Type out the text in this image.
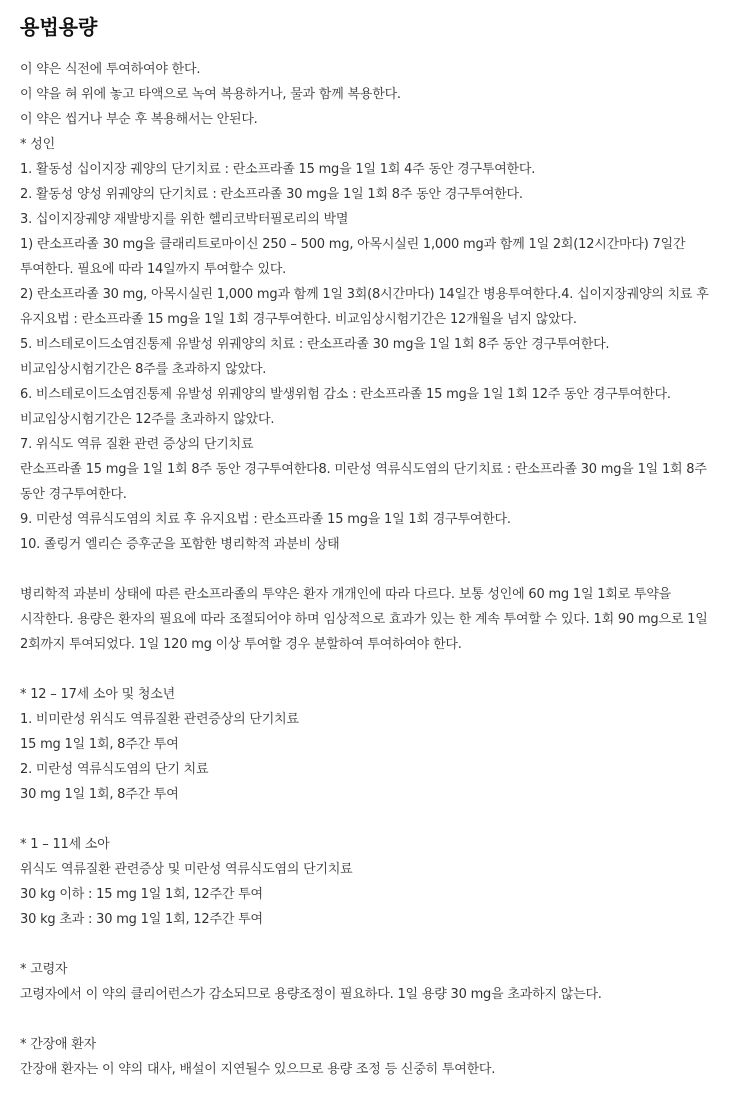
용법용량
이 약은 식전에 투여하여야 한다.
이 약을 혀 위에 놓고 타액으로 녹여 복용하거나, 물과 함께 복용한다.
이 약은 씹거나 부순 후 복용해서는 안된다.
* 성인
1. 활동성 십이지장 궤양의 단기치료 : 란소프라졸 15 mg을 1일 1회 4주 동안 경구투여한다.
2. 활동성 양성 위궤양의 단기치료 : 란소프라졸 30 mg을 1일 1회 8주 동안 경구투여한다.
3. 십이지장궤양 재발방지를 위한 헬리코박터필로리의 박멸
1) 란소프라졸 30 mg을 클래리트로마이신 250 – 500 mg, 아목시실린 1,000 mg과 함께 1일 2회(12시간마다) 7일간 투여한다. 필요에 따라 14일까지 투여할수 있다.
2) 란소프라졸 30 mg, 아목시실린 1,000 mg과 함께 1일 3회(8시간마다) 14일간 병용투여한다.4. 십이지장궤양의 치료 후 유지요법 : 란소프라졸 15 mg을 1일 1회 경구투여한다. 비교임상시험기간은 12개월을 넘지 않았다.
5. 비스테로이드소염진통제 유발성 위궤양의 치료 : 란소프라졸 30 mg을 1일 1회 8주 동안 경구투여한다. 비교임상시험기간은 8주를 초과하지 않았다.
6. 비스테로이드소염진통제 유발성 위궤양의 발생위험 감소 : 란소프라졸 15 mg을 1일 1회 12주 동안 경구투여한다. 비교임상시험기간은 12주를 초과하지 않았다.
7. 위식도 역류 질환 관련 증상의 단기치료
란소프라졸 15 mg을 1일 1회 8주 동안 경구투여한다8. 미란성 역류식도염의 단기치료 : 란소프라졸 30 mg을 1일 1회 8주 동안 경구투여한다.
9. 미란성 역류식도염의 치료 후 유지요법 : 란소프라졸 15 mg을 1일 1회 경구투여한다.
10. 졸링거 엘리슨 증후군을 포함한 병리학적 과분비 상태
병리학적 과분비 상태에 따른 란소프라졸의 투약은 환자 개개인에 따라 다르다. 보통 성인에 60 mg 1일 1회로 투약을 시작한다. 용량은 환자의 필요에 따라 조절되어야 하며 임상적으로 효과가 있는 한 계속 투여할 수 있다. 1회 90 mg으로 1일 2회까지 투여되었다. 1일 120 mg 이상 투여할 경우 분할하여 투여하여야 한다.
* 12 – 17세 소아 및 청소년
1. 비미란성 위식도 역류질환 관련증상의 단기치료
15 mg 1일 1회, 8주간 투여
2. 미란성 역류식도염의 단기 치료
30 mg 1일 1회, 8주간 투여
* 1 – 11세 소아
위식도 역류질환 관련증상 및 미란성 역류식도염의 단기치료
30 kg 이하 : 15 mg 1일 1회, 12주간 투여
30 kg 초과 : 30 mg 1일 1회, 12주간 투여
* 고령자
고령자에서 이 약의 클리어런스가 감소되므로 용량조정이 필요하다. 1일 용량 30 mg을 초과하지 않는다.
* 간장애 환자
간장애 환자는 이 약의 대사, 배설이 지연될수 있으므로 용량 조정 등 신중히 투여한다.
